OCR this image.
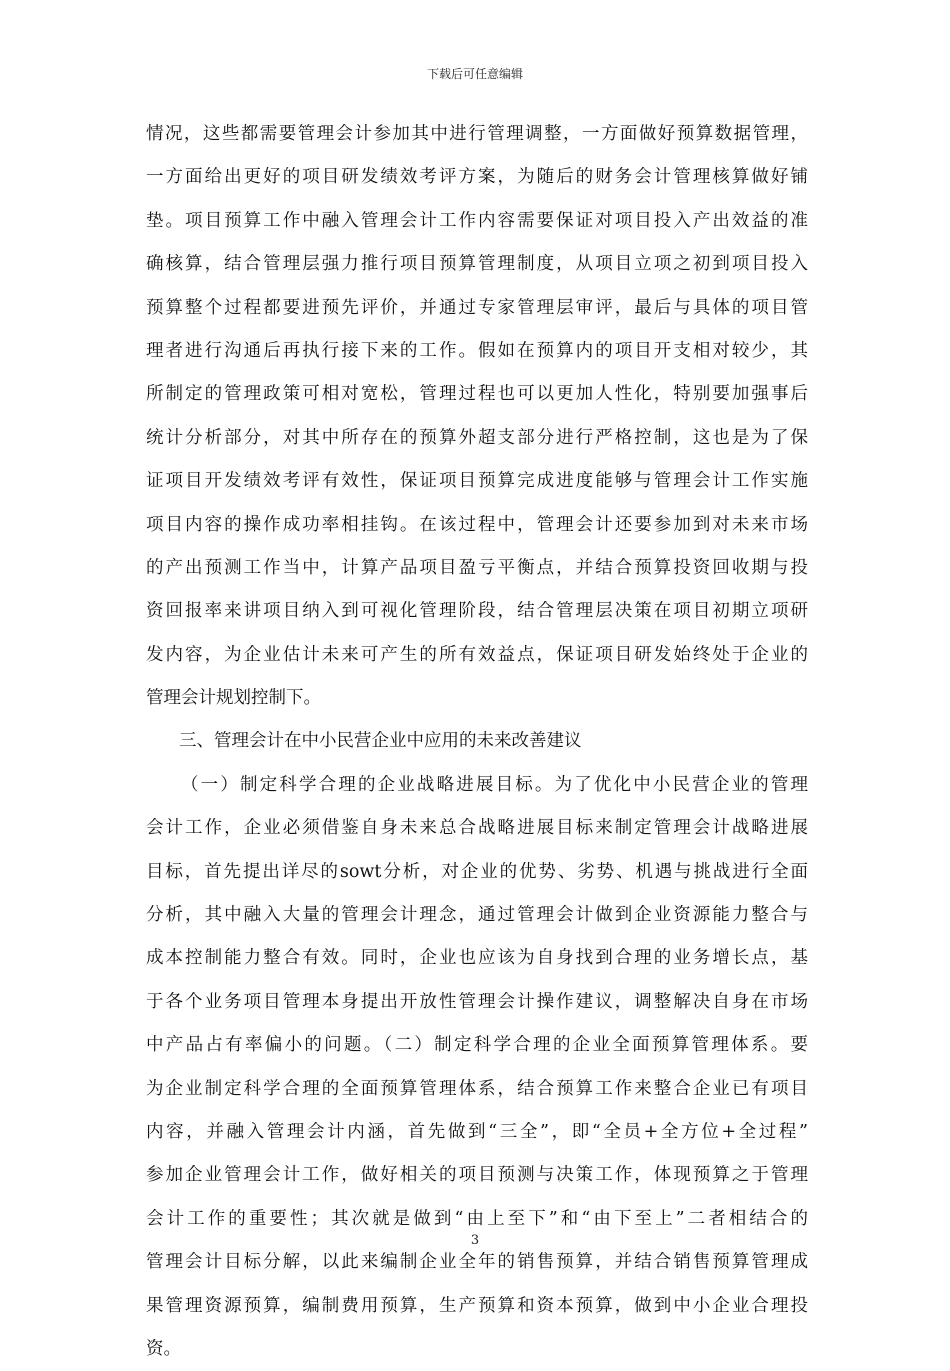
下载后可任意编辑
情况，这些都需要管理会计参加其中进行管理调整，一方面做好预算数据管理，
一方面给出更好的项目研发绩效考评方案，为随后的财务会计管理核算做好铺
垫。项目预算工作中融入管理会计工作内容需要保证对项目投入产出效益的准
确核算，结合管理层强力推行项目预算管理制度，从项目立项之初到项目投入
预算整个过程都要进预先评价，并通过专家管理层审评，最后与具体的项目管
理者进行沟通后再执行接下来的工作。假如在预算内的项目开支相对较少，其
所制定的管理政策可相对宽松，管理过程也可以更加人性化，特别要加强事后
统计分析部分，对其中所存在的预算外超支部分进行严格控制，这也是为了保
证项目开发绩效考评有效性，保证项目预算完成进度能够与管理会计工作实施
项目内容的操作成功率相挂钩。在该过程中，管理会计还要参加到对未来市场
的产出预测工作当中，计算产品项目盈亏平衡点，并结合预算投资回收期与投
资回报率来讲项目纳入到可视化管理阶段，结合管理层决策在项目初期立项研
发内容，为企业估计未来可产生的所有效益点，保证项目研发始终处于企业的
管理会计规划控制下。
三、管理会计在中小民营企业中应用的未来改善建议
（一）制定科学合理的企业战略进展目标。为了优化中小民营企业的管理
会计工作，企业必须借鉴自身未来总合战略进展目标来制定管理会计战略进展
目标，首先提出详尽的sowt分析，对企业的优势、劣势、机遇与挑战进行全面
分析，其中融入大量的管理会计理念，通过管理会计做到企业资源能力整合与
成本控制能力整合有效。同时，企业也应该为自身找到合理的业务增长点，基
于各个业务项目管理本身提出开放性管理会计操作建议，调整解决自身在市场
中产品占有率偏小的问题。（二）制定科学合理的企业全面预算管理体系。要
为企业制定科学合理的全面预算管理体系，结合预算工作来整合企业已有项目
内容，并融入管理会计内涵，首先做到“三全”，即“全员+全方位+全过程”
参加企业管理会计工作，做好相关的项目预测与决策工作，体现预算之于管理
会计工作的重要性；其次就是做到“由上至下”和“由下至上”二者相结合的
管理会计目标分解，以此来编制企业全年的销售预算，并结合销售预算管理成
果管理资源预算，编制费用预算，生产预算和资本预算，做到中小企业合理投
资。
3
